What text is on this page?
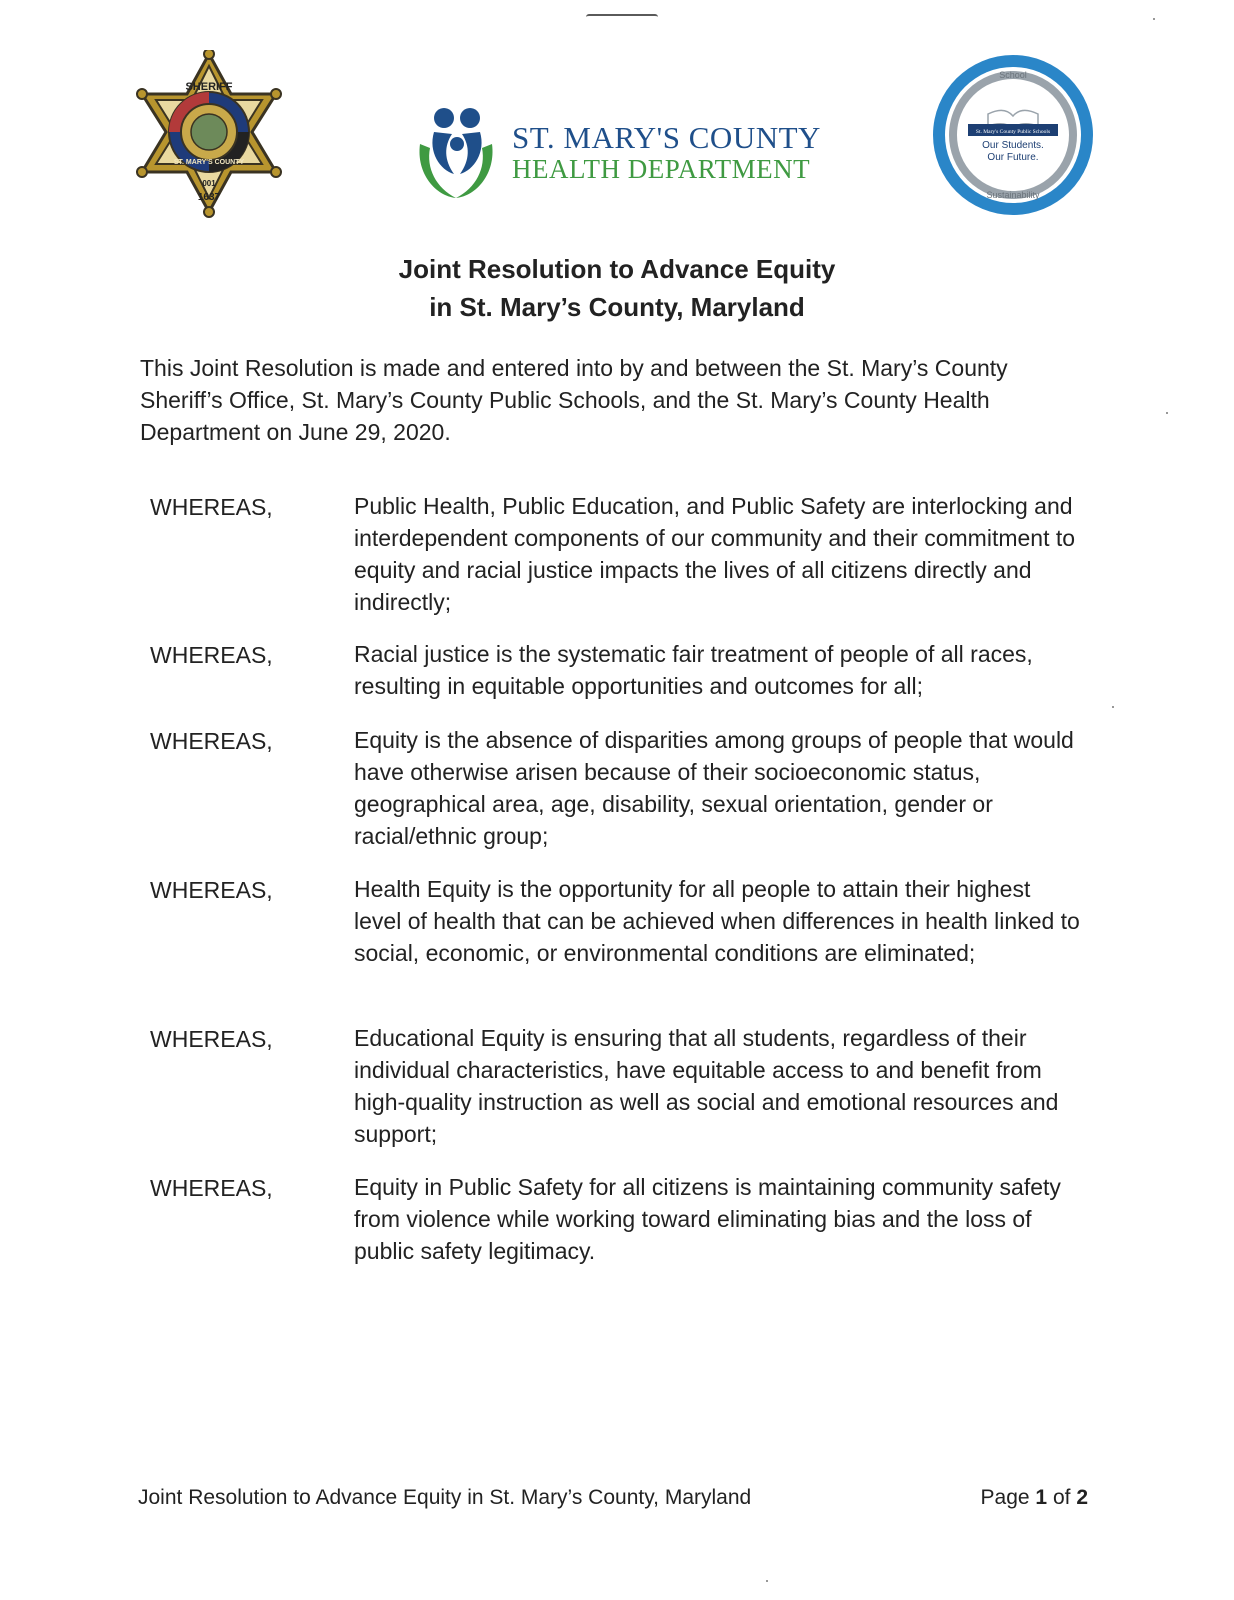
SHERIFF
ST. MARY'S COUNTY
001
1637
ST. MARY'S COUNTY
HEALTH DEPARTMENT
St. Mary's County Public Schools
Our Students.
Our Future.
School
Sustainability
Joint Resolution to Advance Equity
in St. Mary’s County, Maryland
This Joint Resolution is made and entered into by and between the St. Mary’s County Sheriff’s Office, St. Mary’s County Public Schools, and the St. Mary’s County Health Department on June 29, 2020.
WHEREAS,	Public Health, Public Education, and Public Safety are interlocking and interdependent components of our community and their commitment to equity and racial justice impacts the lives of all citizens directly and indirectly;
WHEREAS,	Racial justice is the systematic fair treatment of people of all races, resulting in equitable opportunities and outcomes for all;
WHEREAS,	Equity is the absence of disparities among groups of people that would have otherwise arisen because of their socioeconomic status, geographical area, age, disability, sexual orientation, gender or racial/ethnic group;
WHEREAS,	Health Equity is the opportunity for all people to attain their highest level of health that can be achieved when differences in health linked to social, economic, or environmental conditions are eliminated;
WHEREAS,	Educational Equity is ensuring that all students, regardless of their individual characteristics, have equitable access to and benefit from high-quality instruction as well as social and emotional resources and support;
WHEREAS,	Equity in Public Safety for all citizens is maintaining community safety from violence while working toward eliminating bias and the loss of public safety legitimacy.
Joint Resolution to Advance Equity in St. Mary’s County, Maryland	Page 1 of 2
